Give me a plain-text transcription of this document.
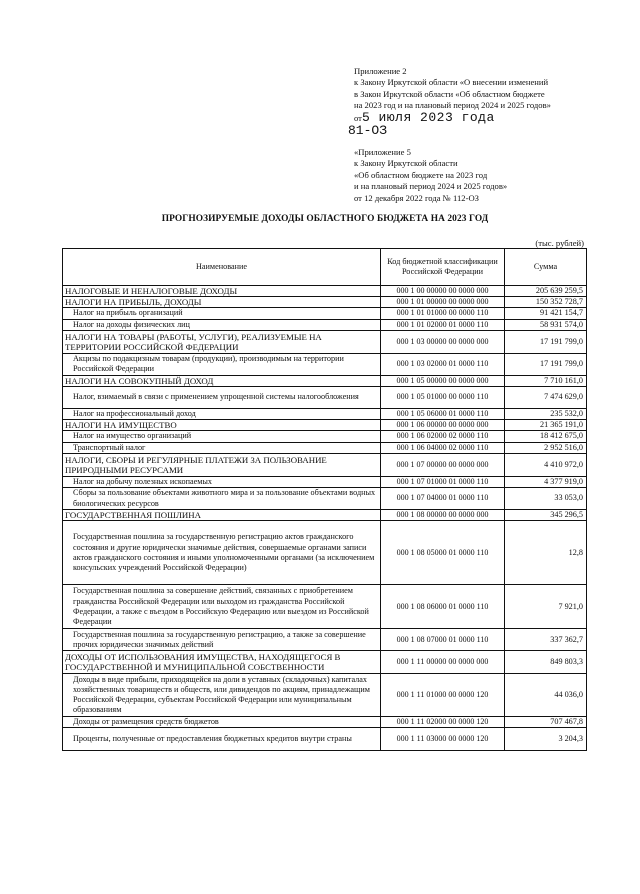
Приложение 2
к Закону Иркутской области «О внесении изменений
в Закон Иркутской области «Об областном бюджете
на 2023 год и на плановый период 2024 и 2025 годов»
от5 июля 2023 года
81-ОЗ
«Приложение 5
к Закону Иркутской области
«Об областном бюджете на 2023 год
и на плановый период 2024 и 2025 годов»
от 12 декабря 2022 года № 112-ОЗ
ПРОГНОЗИРУЕМЫЕ ДОХОДЫ ОБЛАСТНОГО БЮДЖЕТА НА 2023 ГОД
(тыс. рублей)
Наименование	Код бюджетной классификации Российской Федерации	Сумма
НАЛОГОВЫЕ И НЕНАЛОГОВЫЕ ДОХОДЫ	000 1 00 00000 00 0000 000	205 639 259,5
НАЛОГИ НА ПРИБЫЛЬ, ДОХОДЫ	000 1 01 00000 00 0000 000	150 352 728,7
Налог на прибыль организаций	000 1 01 01000 00 0000 110	91 421 154,7
Налог на доходы физических лиц	000 1 01 02000 01 0000 110	58 931 574,0
НАЛОГИ НА ТОВАРЫ (РАБОТЫ, УСЛУГИ), РЕАЛИЗУЕМЫЕ НА ТЕРРИТОРИИ РОССИЙСКОЙ ФЕДЕРАЦИИ	000 1 03 00000 00 0000 000	17 191 799,0
Акцизы по подакцизным товарам (продукции), производимым на территории Российской Федерации	000 1 03 02000 01 0000 110	17 191 799,0
НАЛОГИ НА СОВОКУПНЫЙ ДОХОД	000 1 05 00000 00 0000 000	7 710 161,0
Налог, взимаемый в связи с применением упрощенной системы налогообложения	000 1 05 01000 00 0000 110	7 474 629,0
Налог на профессиональный доход	000 1 05 06000 01 0000 110	235 532,0
НАЛОГИ НА ИМУЩЕСТВО	000 1 06 00000 00 0000 000	21 365 191,0
Налог на имущество организаций	000 1 06 02000 02 0000 110	18 412 675,0
Транспортный налог	000 1 06 04000 02 0000 110	2 952 516,0
НАЛОГИ, СБОРЫ И РЕГУЛЯРНЫЕ ПЛАТЕЖИ ЗА ПОЛЬЗОВАНИЕ ПРИРОДНЫМИ РЕСУРСАМИ	000 1 07 00000 00 0000 000	4 410 972,0
Налог на добычу полезных ископаемых	000 1 07 01000 01 0000 110	4 377 919,0
Сборы за пользование объектами животного мира и за пользование объектами водных биологических ресурсов	000 1 07 04000 01 0000 110	33 053,0
ГОСУДАРСТВЕННАЯ ПОШЛИНА	000 1 08 00000 00 0000 000	345 296,5
Государственная пошлина за государственную регистрацию актов гражданского состояния и другие юридически значимые действия, совершаемые органами записи актов гражданского состояния и иными уполномоченными органами (за исключением консульских учреждений Российской Федерации)	000 1 08 05000 01 0000 110	12,8
Государственная пошлина за совершение действий, связанных с приобретением гражданства Российской Федерации или выходом из гражданства Российской Федерации, а также с въездом в Российскую Федерацию или выездом из Российской Федерации	000 1 08 06000 01 0000 110	7 921,0
Государственная пошлина за государственную регистрацию, а также за совершение прочих юридически значимых действий	000 1 08 07000 01 0000 110	337 362,7
ДОХОДЫ ОТ ИСПОЛЬЗОВАНИЯ ИМУЩЕСТВА, НАХОДЯЩЕГОСЯ В ГОСУДАРСТВЕННОЙ И МУНИЦИПАЛЬНОЙ СОБСТВЕННОСТИ	000 1 11 00000 00 0000 000	849 803,3
Доходы в виде прибыли, приходящейся на доли в уставных (складочных) капиталах хозяйственных товариществ и обществ, или дивидендов по акциям, принадлежащим Российской Федерации, субъектам Российской Федерации или муниципальным образованиям	000 1 11 01000 00 0000 120	44 036,0
Доходы от размещения средств бюджетов	000 1 11 02000 00 0000 120	707 467,8
Проценты, полученные от предоставления бюджетных кредитов внутри страны	000 1 11 03000 00 0000 120	3 204,3
